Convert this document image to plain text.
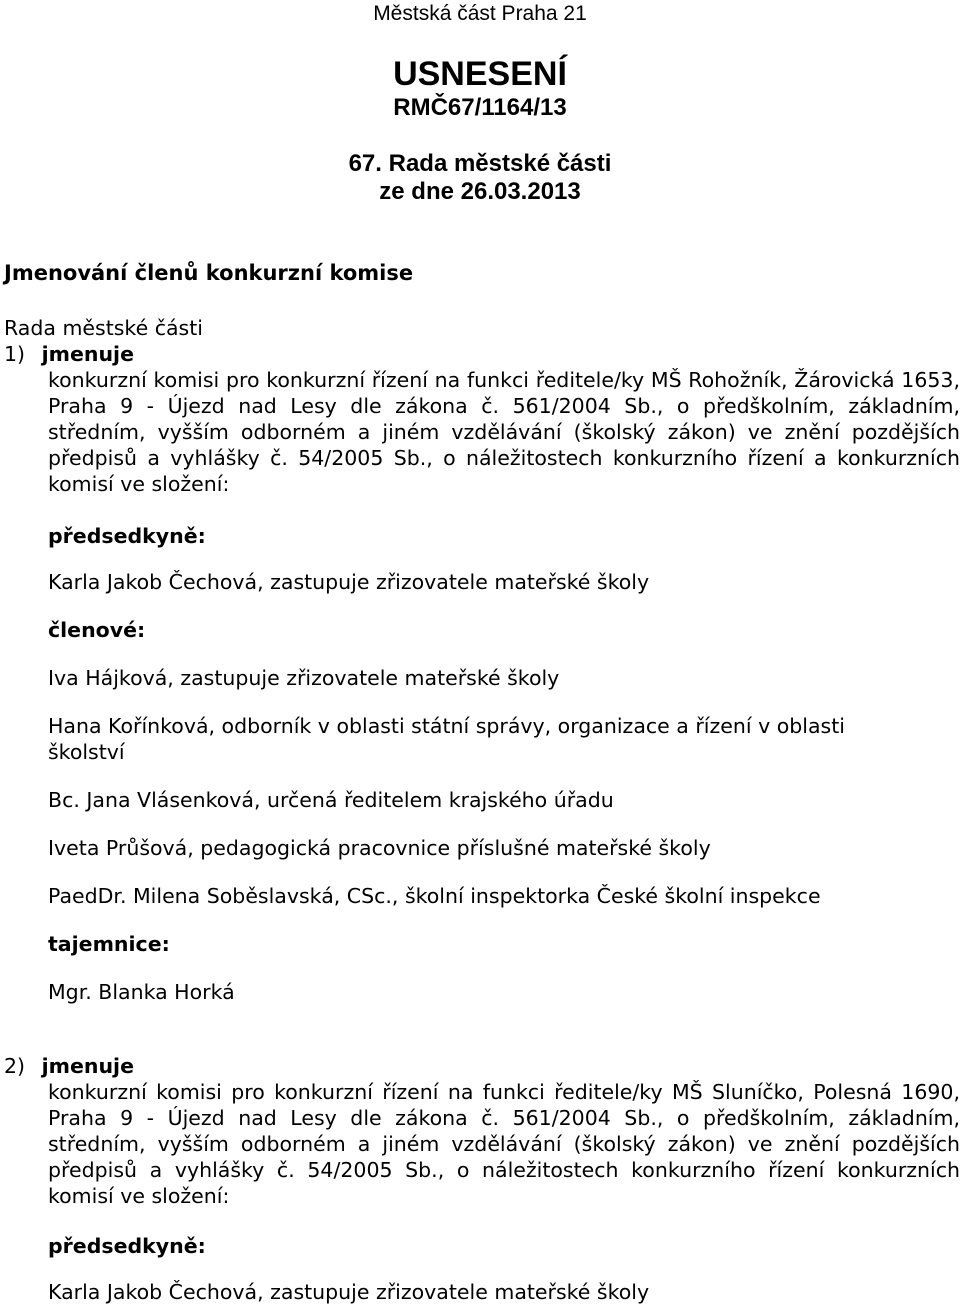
Městská část Praha 21
USNESENÍ
RMČ67/1164/13
67. Rada městské části
ze dne 26.03.2013
Jmenování členů konkurzní komise
Rada městské části
1) jmenuje
konkurzní komisi pro konkurzní řízení na funkci ředitele/ky MŠ Rohožník, Žárovická 1653, Praha 9 - Újezd nad Lesy dle zákona č. 561/2004 Sb., o předškolním, základním, středním, vyšším odborném a jiném vzdělávání (školský zákon) ve znění pozdějších předpisů a vyhlášky č. 54/2005 Sb., o náležitostech konkurzního řízení a konkurzních komisí ve složení:
předsedkyně:
Karla Jakob Čechová, zastupuje zřizovatele mateřské školy
členové:
Iva Hájková, zastupuje zřizovatele mateřské školy
Hana Kořínková, odborník v oblasti státní správy, organizace a řízení v oblasti školství
Bc. Jana Vlásenková, určená ředitelem krajského úřadu
Iveta Průšová, pedagogická pracovnice příslušné mateřské školy
PaedDr. Milena Soběslavská, CSc., školní inspektorka České školní inspekce
tajemnice:
Mgr. Blanka Horká
2) jmenuje
konkurzní komisi pro konkurzní řízení na funkci ředitele/ky MŠ Sluníčko, Polesná 1690, Praha 9 - Újezd nad Lesy dle zákona č. 561/2004 Sb., o předškolním, základním, středním, vyšším odborném a jiném vzdělávání (školský zákon) ve znění pozdějších předpisů a vyhlášky č. 54/2005 Sb., o náležitostech konkurzního řízení konkurzních komisí ve složení:
předsedkyně:
Karla Jakob Čechová, zastupuje zřizovatele mateřské školy
